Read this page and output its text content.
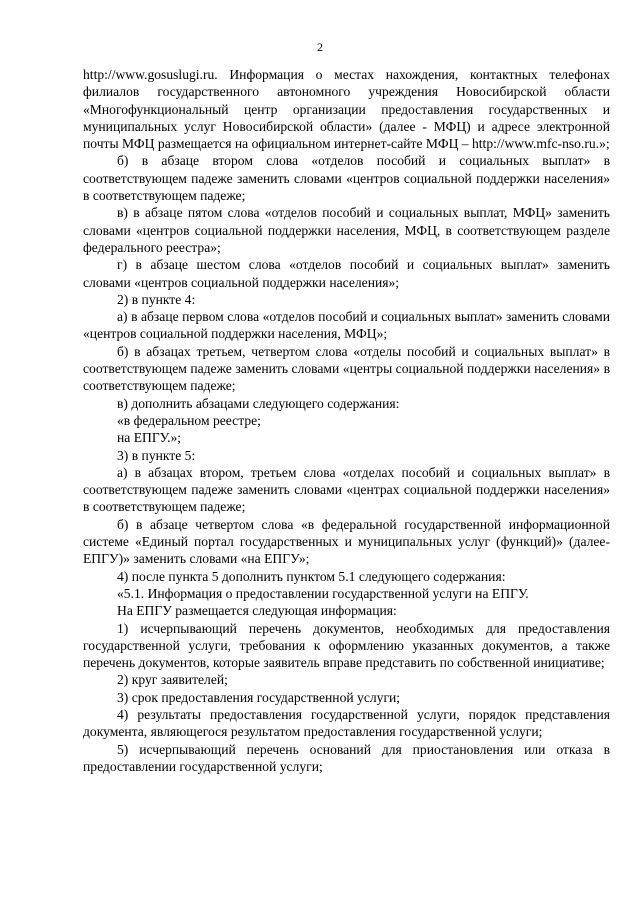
2

http://www.gosuslugi.ru. Информация о местах нахождения, контактных телефонах филиалов государственного автономного учреждения Новосибирской области «Многофункциональный центр организации предоставления государственных и муниципальных услуг Новосибирской области» (далее - МФЦ) и адресе электронной почты МФЦ размещается на официальном интернет-сайте МФЦ – http://www.mfc-nso.ru.»;

б) в абзаце втором слова «отделов пособий и социальных выплат» в соответствующем падеже заменить словами «центров социальной поддержки населения» в соответствующем падеже;

в) в абзаце пятом слова «отделов пособий и социальных выплат, МФЦ» заменить словами «центров социальной поддержки населения, МФЦ, в соответствующем разделе федерального реестра»;

г) в абзаце шестом слова «отделов пособий и социальных выплат» заменить словами «центров социальной поддержки населения»;

2) в пункте 4:

а) в абзаце первом слова «отделов пособий и социальных выплат» заменить словами «центров социальной поддержки населения, МФЦ»;

б) в абзацах третьем, четвертом слова «отделы пособий и социальных выплат» в соответствующем падеже заменить словами «центры социальной поддержки населения» в соответствующем падеже;

в) дополнить абзацами следующего содержания:

«в федеральном реестре;

на ЕПГУ.»;

3) в пункте 5:

а) в абзацах втором, третьем слова «отделах пособий и социальных выплат» в соответствующем падеже заменить словами «центрах социальной поддержки населения» в соответствующем падеже;

б) в абзаце четвертом слова «в федеральной государственной информационной системе «Единый портал государственных и муниципальных услуг (функций)» (далее-ЕПГУ)» заменить словами «на ЕПГУ»;

4) после пункта 5 дополнить пунктом 5.1 следующего содержания:

«5.1. Информация о предоставлении государственной услуги на ЕПГУ.

На ЕПГУ размещается следующая информация:

1) исчерпывающий перечень документов, необходимых для предоставления государственной услуги, требования к оформлению указанных документов, а также перечень документов, которые заявитель вправе представить по собственной инициативе;

2) круг заявителей;

3) срок предоставления государственной услуги;

4) результаты предоставления государственной услуги, порядок представления документа, являющегося результатом предоставления государственной услуги;

5) исчерпывающий перечень оснований для приостановления или отказа в предоставлении государственной услуги;
